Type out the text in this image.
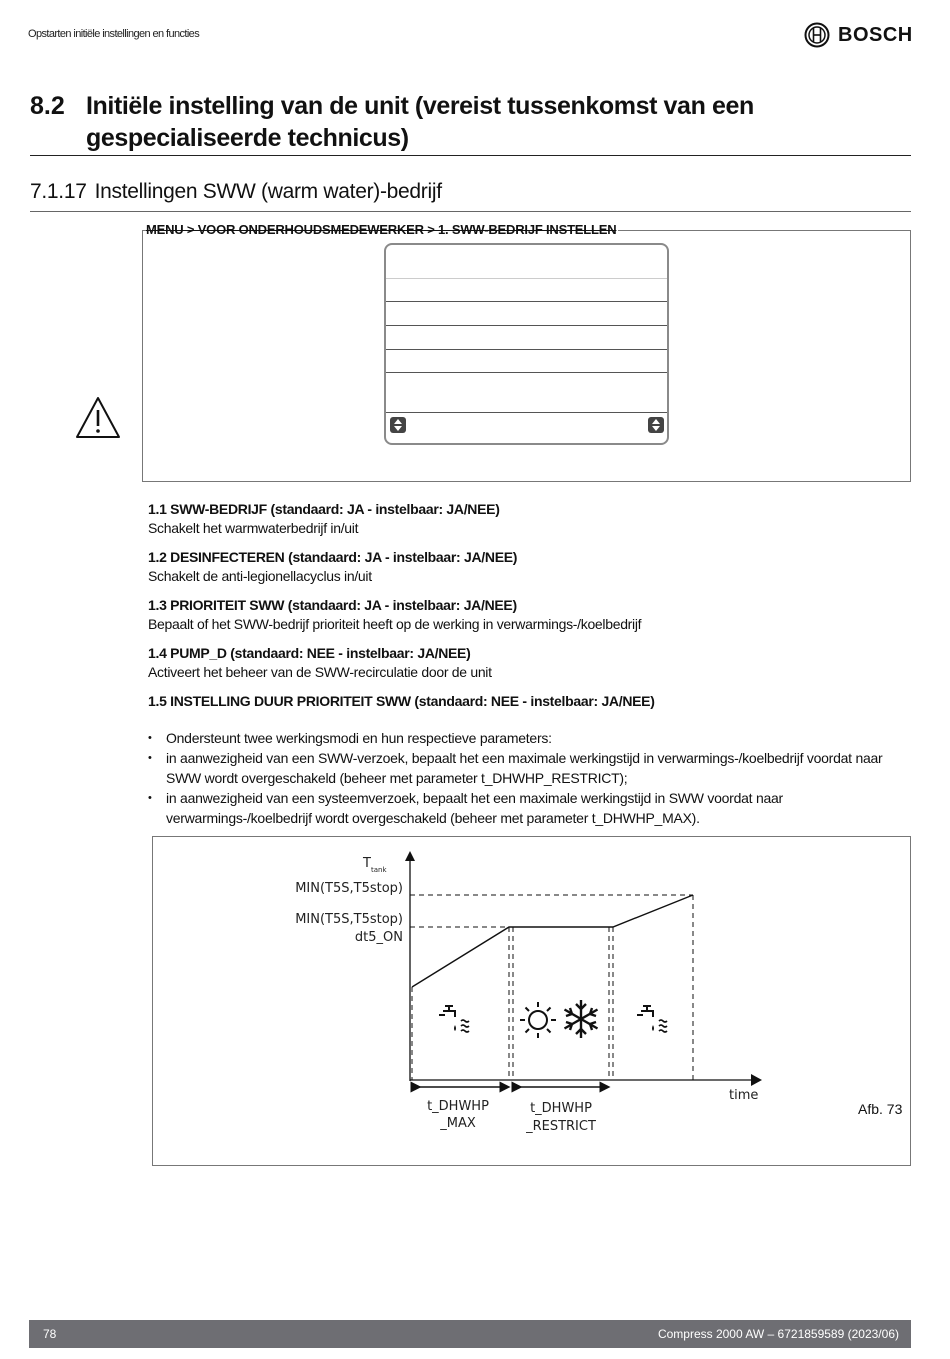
Opstarten initiële instellingen en functies	BOSCH
8.2 Initiële instelling van de unit (vereist tussenkomst van een gespecialiseerde technicus)
7.1.17 Instellingen SWW (warm water)-bedrijf
MENU > VOOR ONDERHOUDSMEDEWERKER > 1. SWW-BEDRIJF INSTELLEN
1.1 SWW-BEDRIJF (standaard: JA - instelbaar: JA/NEE)
Schakelt het warmwaterbedrijf in/uit
1.2 DESINFECTEREN (standaard: JA - instelbaar: JA/NEE)
Schakelt de anti-legionellacyclus in/uit
1.3 PRIORITEIT SWW (standaard: JA - instelbaar: JA/NEE)
Bepaalt of het SWW-bedrijf prioriteit heeft op de werking in verwarmings-/koelbedrijf
1.4 PUMP_D (standaard: NEE - instelbaar: JA/NEE)
Activeert het beheer van de SWW-recirculatie door de unit
1.5 INSTELLING DUUR PRIORITEIT SWW (standaard: NEE - instelbaar: JA/NEE)
• Ondersteunt twee werkingsmodi en hun respectieve parameters:
• in aanwezigheid van een SWW-verzoek, bepaalt het een maximale werkingstijd in verwarmings-/koelbedrijf voordat naar SWW wordt overgeschakeld (beheer met parameter t_DHWHP_RESTRICT);
• in aanwezigheid van een systeemverzoek, bepaalt het een maximale werkingstijd in SWW voordat naar verwarmings-/koelbedrijf wordt overgeschakeld (beheer met parameter t_DHWHP_MAX).
T tank
MIN(T5S,T5stop)
MIN(T5S,T5stop)
dt5_ON
time
t_DHWHP
_MAX
t_DHWHP
_RESTRICT
Afb. 73
78	Compress 2000 AW – 6721859589 (2023/06)
